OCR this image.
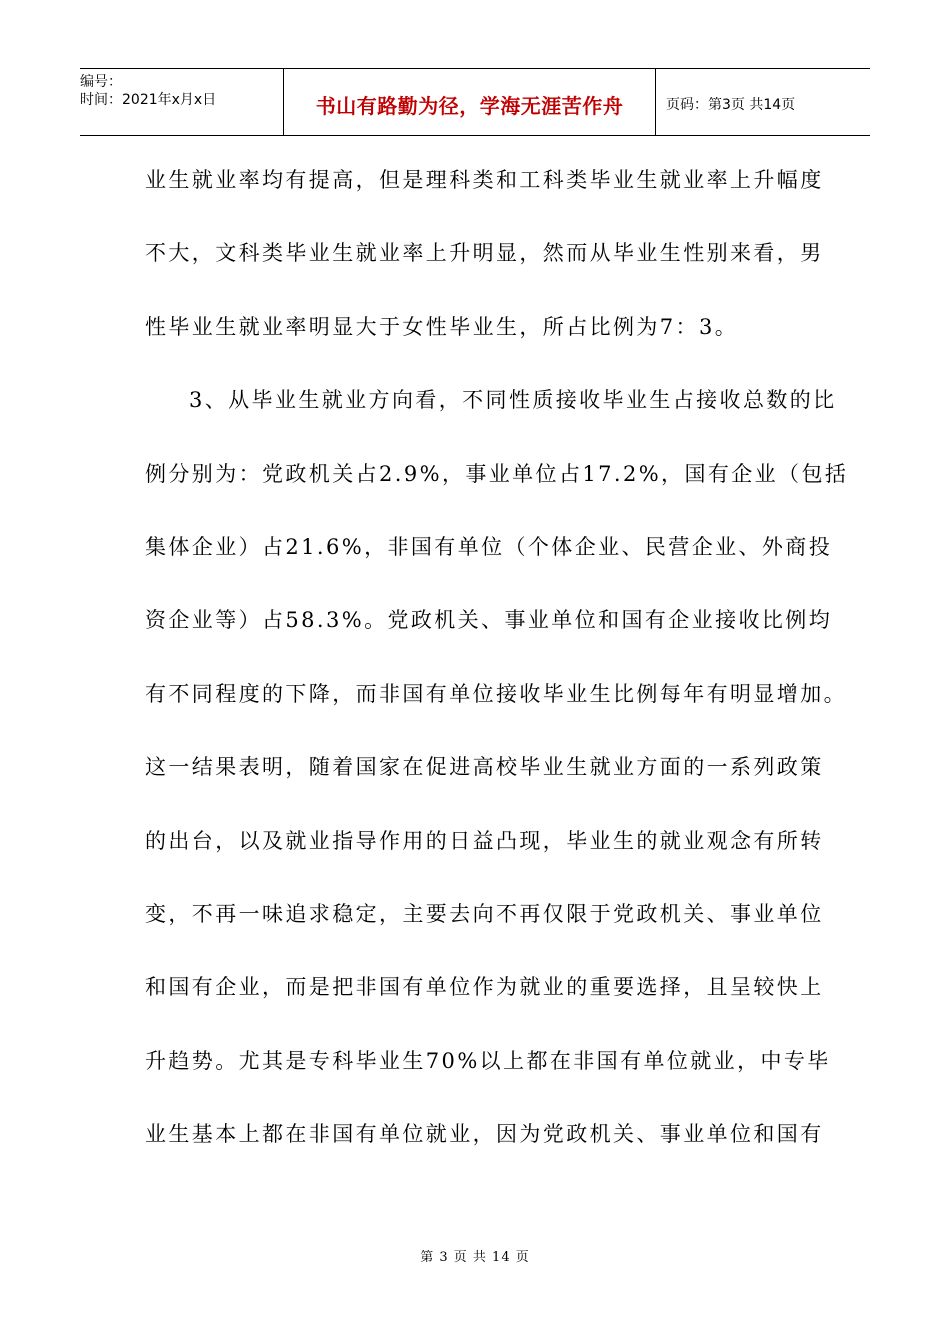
编号：
时间：2021年x月x日	书山有路勤为径，学海无涯苦作舟	页码：第3页 共14页
业生就业率均有提高，但是理科类和工科类毕业生就业率上升幅度
不大，文科类毕业生就业率上升明显，然而从毕业生性别来看，男
性毕业生就业率明显大于女性毕业生，所占比例为7：3。
3、从毕业生就业方向看，不同性质接收毕业生占接收总数的比
例分别为：党政机关占2.9%，事业单位占17.2%，国有企业（包括
集体企业）占21.6%，非国有单位（个体企业、民营企业、外商投
资企业等）占58.3%。党政机关、事业单位和国有企业接收比例均
有不同程度的下降，而非国有单位接收毕业生比例每年有明显增加。
这一结果表明，随着国家在促进高校毕业生就业方面的一系列政策
的出台，以及就业指导作用的日益凸现，毕业生的就业观念有所转
变，不再一味追求稳定，主要去向不再仅限于党政机关、事业单位
和国有企业，而是把非国有单位作为就业的重要选择，且呈较快上
升趋势。尤其是专科毕业生70%以上都在非国有单位就业，中专毕
业生基本上都在非国有单位就业，因为党政机关、事业单位和国有
第 3 页 共 14 页
